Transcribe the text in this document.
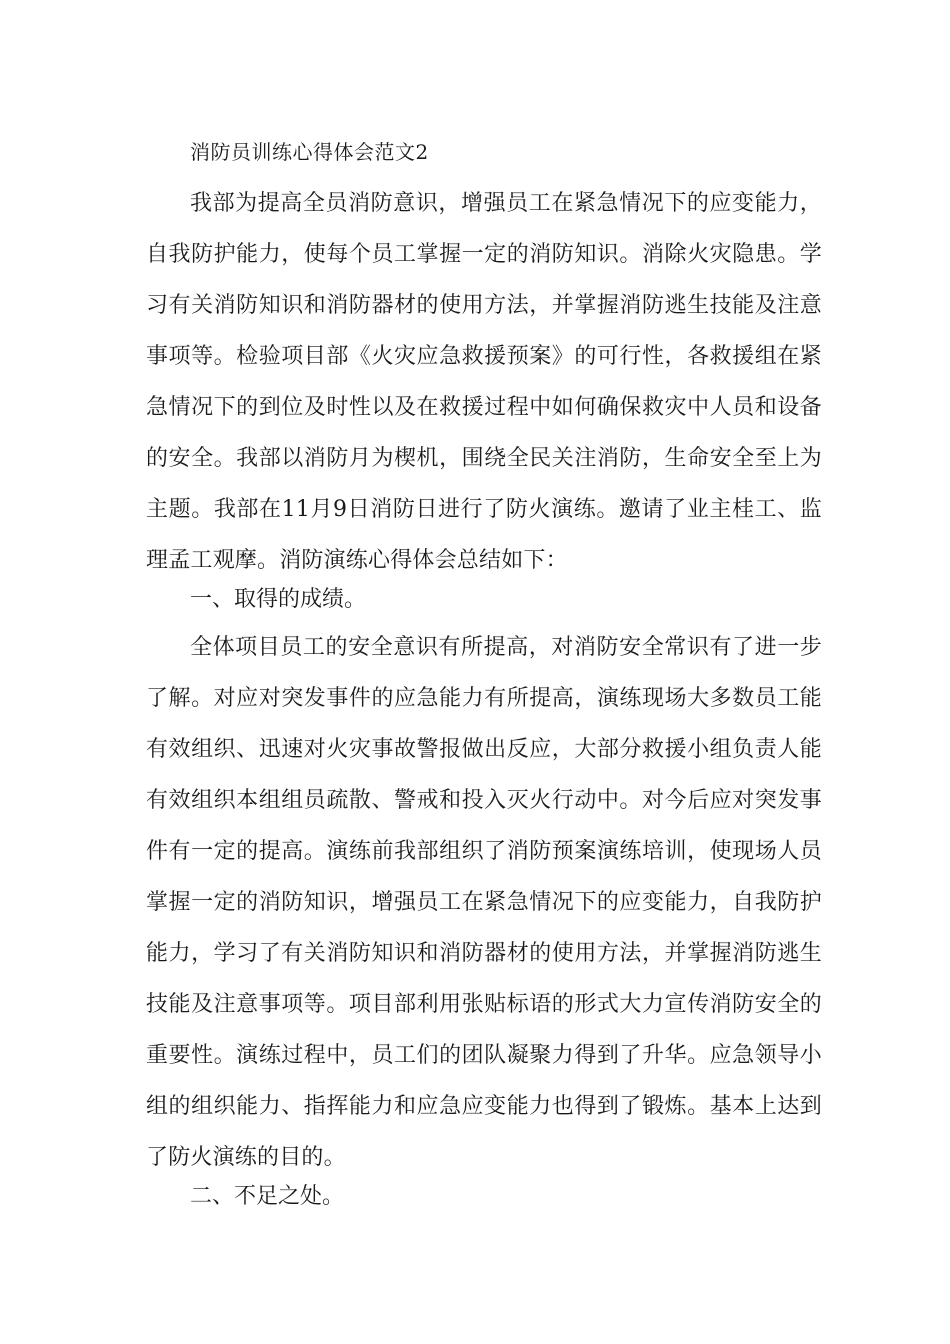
消防员训练心得体会范文2

我部为提高全员消防意识，增强员工在紧急情况下的应变能力，自我防护能力，使每个员工掌握一定的消防知识。消除火灾隐患。学习有关消防知识和消防器材的使用方法，并掌握消防逃生技能及注意事项等。检验项目部《火灾应急救援预案》的可行性，各救援组在紧急情况下的到位及时性以及在救援过程中如何确保救灾中人员和设备的安全。我部以消防月为楔机，围绕全民关注消防，生命安全至上为主题。我部在11月9日消防日进行了防火演练。邀请了业主桂工、监理孟工观摩。消防演练心得体会总结如下：

一、取得的成绩。

全体项目员工的安全意识有所提高，对消防安全常识有了进一步了解。对应对突发事件的应急能力有所提高，演练现场大多数员工能有效组织、迅速对火灾事故警报做出反应，大部分救援小组负责人能有效组织本组组员疏散、警戒和投入灭火行动中。对今后应对突发事件有一定的提高。演练前我部组织了消防预案演练培训，使现场人员掌握一定的消防知识，增强员工在紧急情况下的应变能力，自我防护能力，学习了有关消防知识和消防器材的使用方法，并掌握消防逃生技能及注意事项等。项目部利用张贴标语的形式大力宣传消防安全的重要性。演练过程中，员工们的团队凝聚力得到了升华。应急领导小组的组织能力、指挥能力和应急应变能力也得到了锻炼。基本上达到了防火演练的目的。

二、不足之处。
